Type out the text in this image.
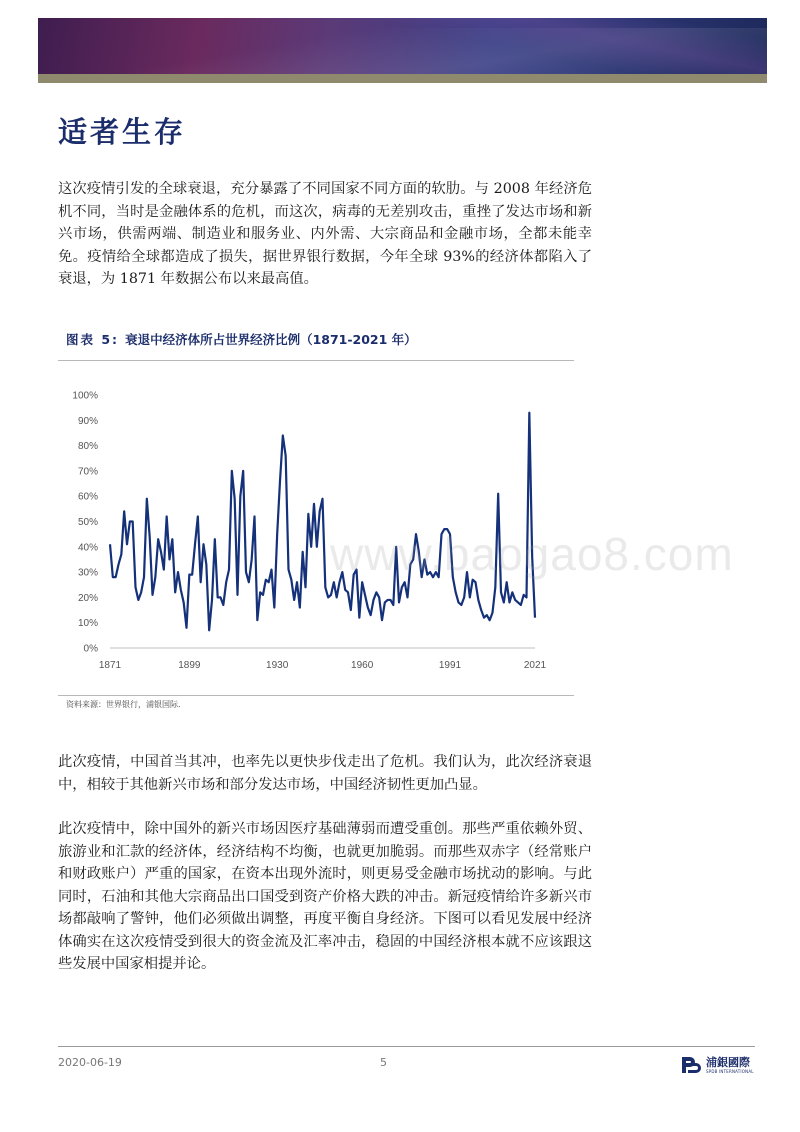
适者生存

这次疫情引发的全球衰退，充分暴露了不同国家不同方面的软肋。与 2008 年经济危机不同，当时是金融体系的危机，而这次，病毒的无差别攻击，重挫了发达市场和新兴市场，供需两端、制造业和服务业、内外需、大宗商品和金融市场，全都未能幸免。疫情给全球都造成了损失，据世界银行数据，今年全球 93%的经济体都陷入了衰退，为 1871 年数据公布以来最高值。

图表 5: 衰退中经济体所占世界经济比例（1871-2021 年）

0%
10%
20%
30%
40%
50%
60%
70%
80%
90%
100%
1871	1899	1930	1960	1991	2021

www.baogao8.com

资料来源：世界银行，浦银国际.

此次疫情，中国首当其冲，也率先以更快步伐走出了危机。我们认为，此次经济衰退中，相较于其他新兴市场和部分发达市场，中国经济韧性更加凸显。

此次疫情中，除中国外的新兴市场因医疗基础薄弱而遭受重创。那些严重依赖外贸、旅游业和汇款的经济体，经济结构不均衡，也就更加脆弱。而那些双赤字（经常账户和财政账户）严重的国家，在资本出现外流时，则更易受金融市场扰动的影响。与此同时，石油和其他大宗商品出口国受到资产价格大跌的冲击。新冠疫情给许多新兴市场都敲响了警钟，他们必须做出调整，再度平衡自身经济。下图可以看见发展中经济体确实在这次疫情受到很大的资金流及汇率冲击，稳固的中国经济根本就不应该跟这些发展中国家相提并论。

2020-06-19	5	浦銀國際

SPDB INTERNATIONAL
